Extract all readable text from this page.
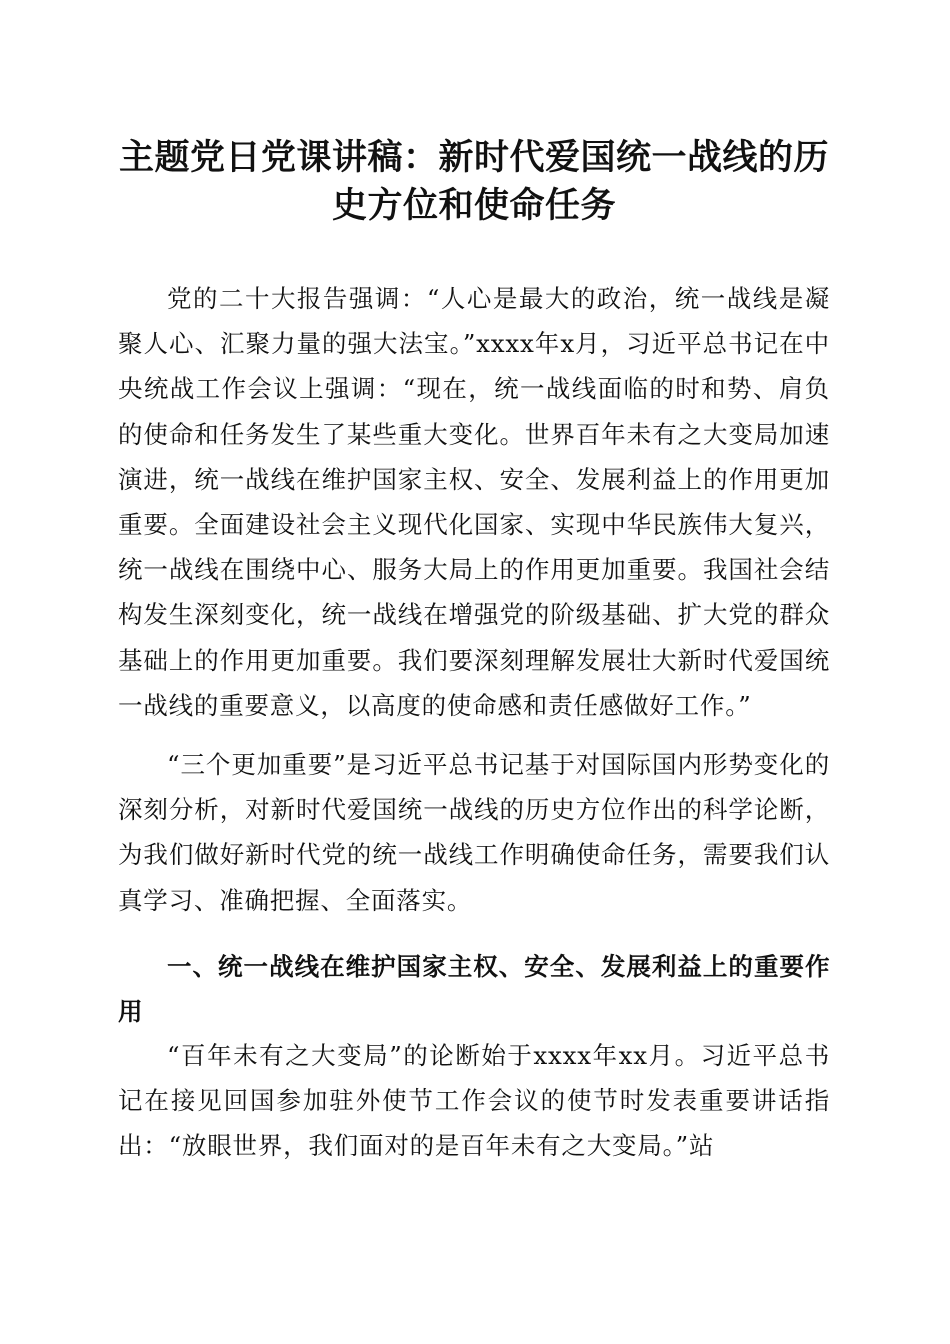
主题党日党课讲稿：新时代爱国统一战线的历
史方位和使命任务

党的二十大报告强调：“人心是最大的政治，统一战线是凝聚人心、汇聚力量的强大法宝。”xxxx年x月，习近平总书记在中央统战工作会议上强调：“现在，统一战线面临的时和势、肩负的使命和任务发生了某些重大变化。世界百年未有之大变局加速演进，统一战线在维护国家主权、安全、发展利益上的作用更加重要。全面建设社会主义现代化国家、实现中华民族伟大复兴，统一战线在围绕中心、服务大局上的作用更加重要。我国社会结构发生深刻变化，统一战线在增强党的阶级基础、扩大党的群众基础上的作用更加重要。我们要深刻理解发展壮大新时代爱国统一战线的重要意义，以高度的使命感和责任感做好工作。”

“三个更加重要”是习近平总书记基于对国际国内形势变化的深刻分析，对新时代爱国统一战线的历史方位作出的科学论断，为我们做好新时代党的统一战线工作明确使命任务，需要我们认真学习、准确把握、全面落实。

一、统一战线在维护国家主权、安全、发展利益上的重要作用

“百年未有之大变局”的论断始于xxxx年xx月。习近平总书记在接见回国参加驻外使节工作会议的使节时发表重要讲话指出：“放眼世界，我们面对的是百年未有之大变局。”站
